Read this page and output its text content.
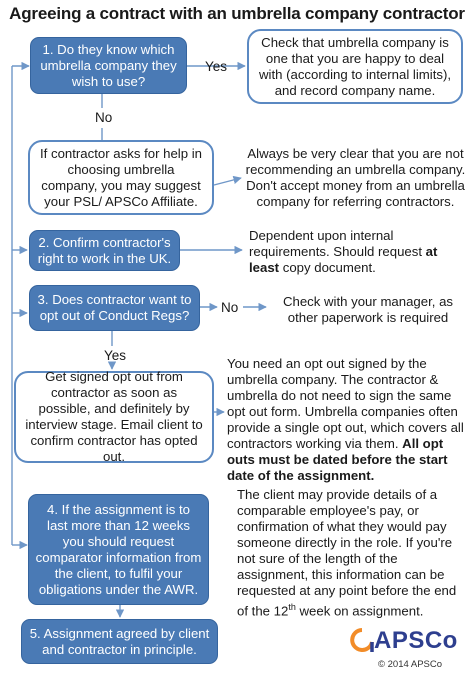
Agreeing a contract with an umbrella company contractor
1. Do they know which umbrella company they wish to use?
Yes
Check that umbrella company is one that you are happy to deal with (according to internal limits), and record company name.
No
If contractor asks for help in choosing umbrella company, you may suggest your PSL/ APSCo Affiliate.
Always be very clear that you are not recommending an umbrella company. Don't accept money from an umbrella company for referring contractors.
2. Confirm contractor's right to work in the UK.
Dependent upon internal requirements. Should request at least copy document.
3. Does contractor want to opt out of Conduct Regs?
No	Check with your manager, as other paperwork is required
Yes
Get signed opt out from contractor as soon as possible, and definitely by interview stage. Email client to confirm contractor has opted out.
You need an opt out signed by the umbrella company. The contractor & umbrella do not need to sign the same opt out form. Umbrella companies often provide a single opt out, which covers all contractors working via them. All opt outs must be dated before the start date of the assignment.
4. If the assignment is to last more than 12 weeks you should request comparator information from the client, to fulfil your obligations under the AWR.
The client may provide details of a comparable employee's pay, or confirmation of what they would pay someone directly in the role. If you're not sure of the length of the assignment, this information can be requested at any point before the end of the 12th week on assignment.
5. Assignment agreed by client and contractor in principle.	APSCo
© 2014 APSCo
